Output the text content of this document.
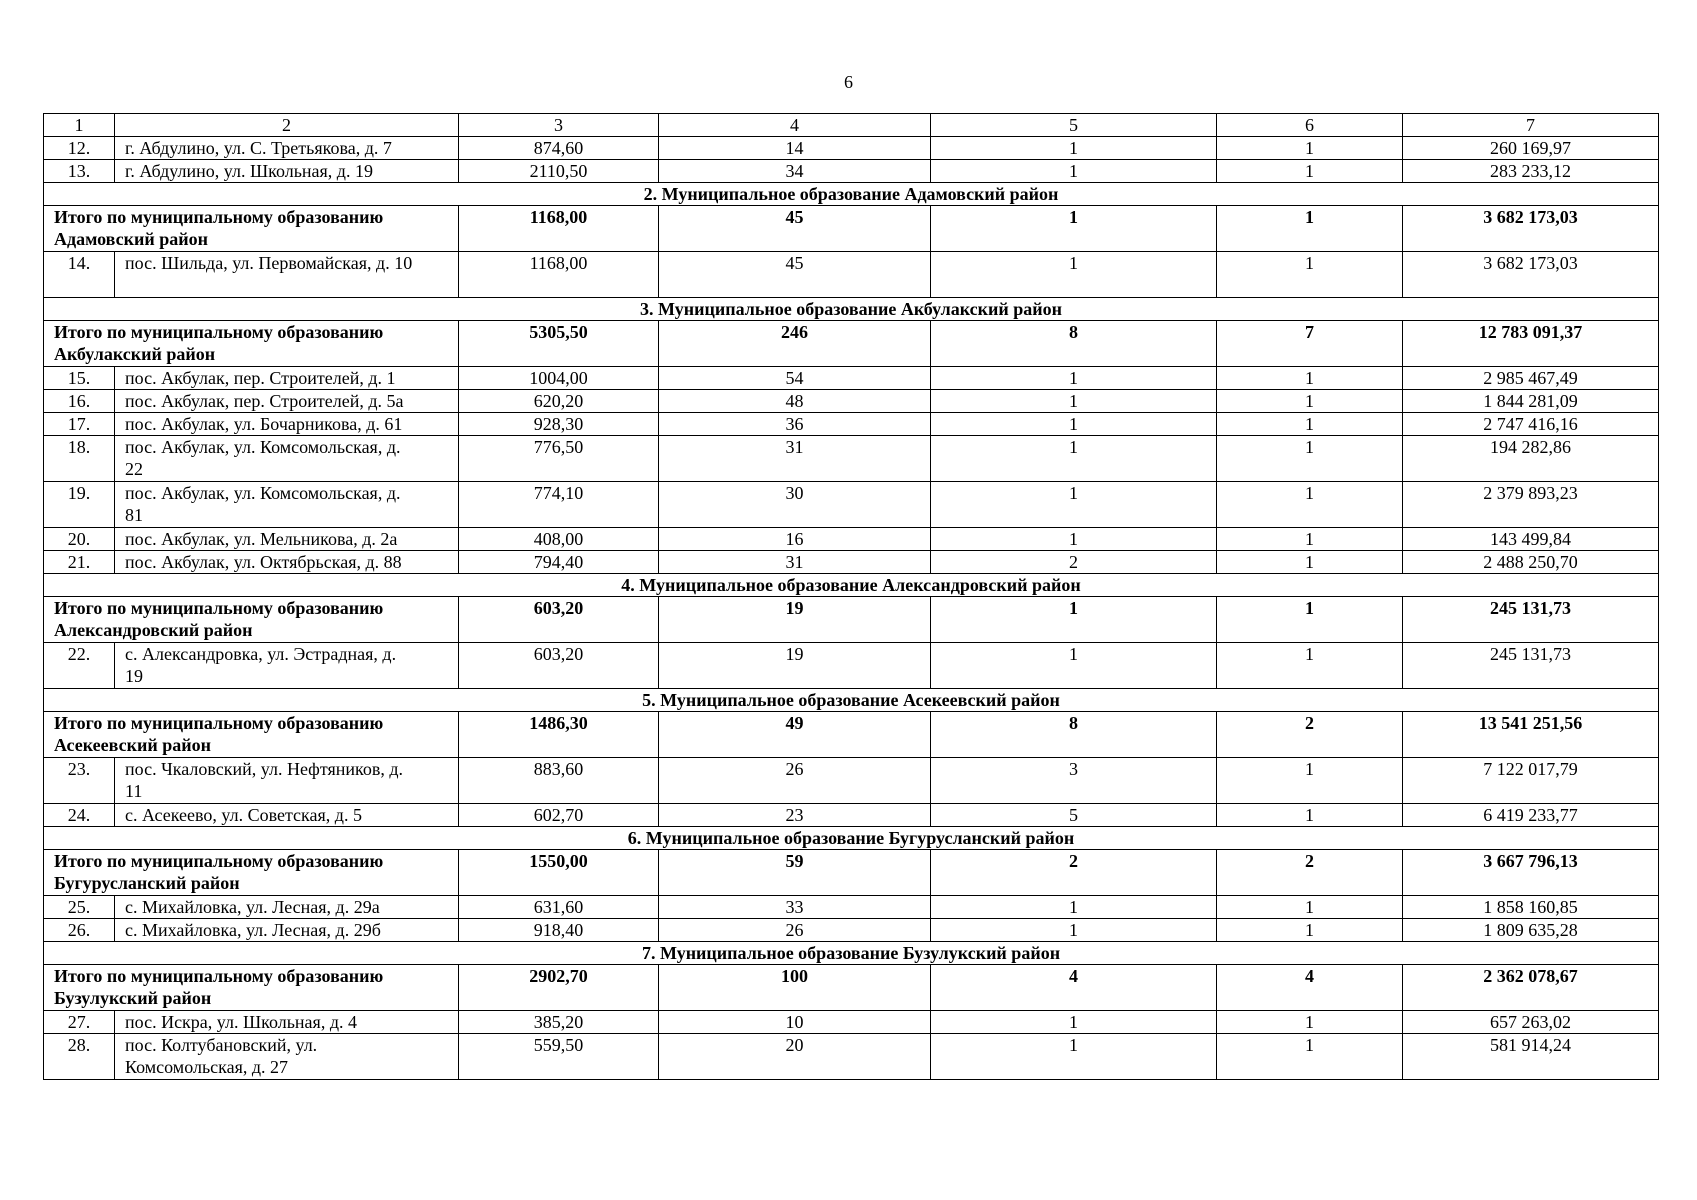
6
1	2	3	4	5	6	7
12.	г. Абдулино, ул. С. Третьякова, д. 7	874,60	14	1	1	260 169,97
13.	г. Абдулино, ул. Школьная, д. 19	2110,50	34	1	1	283 233,12
2. Муниципальное образование Адамовский район						
Итого по муниципальному образованию Адамовский район		1168,00	45	1	1	3 682 173,03
14.	пос. Шильда, ул. Первомайская, д. 10	1168,00	45	1	1	3 682 173,03
3. Муниципальное образование Акбулакский район						
Итого по муниципальному образованию Акбулакский район		5305,50	246	8	7	12 783 091,37
15.	пос. Акбулак, пер. Строителей, д. 1	1004,00	54	1	1	2 985 467,49
16.	пос. Акбулак, пер. Строителей, д. 5а	620,20	48	1	1	1 844 281,09
17.	пос. Акбулак, ул. Бочарникова, д. 61	928,30	36	1	1	2 747 416,16
18.	пос. Акбулак, ул. Комсомольская, д. 22	776,50	31	1	1	194 282,86
19.	пос. Акбулак, ул. Комсомольская, д. 81	774,10	30	1	1	2 379 893,23
20.	пос. Акбулак, ул. Мельникова, д. 2а	408,00	16	1	1	143 499,84
21.	пос. Акбулак, ул. Октябрьская, д. 88	794,40	31	2	1	2 488 250,70
4. Муниципальное образование Александровский район						
Итого по муниципальному образованию Александровский район		603,20	19	1	1	245 131,73
22.	с. Александровка, ул. Эстрадная, д. 19	603,20	19	1	1	245 131,73
5. Муниципальное образование Асекеевский район						
Итого по муниципальному образованию Асекеевский район		1486,30	49	8	2	13 541 251,56
23.	пос. Чкаловский, ул. Нефтяников, д. 11	883,60	26	3	1	7 122 017,79
24.	с. Асекеево, ул. Советская, д. 5	602,70	23	5	1	6 419 233,77
6. Муниципальное образование Бугурусланский район						
Итого по муниципальному образованию Бугурусланский район		1550,00	59	2	2	3 667 796,13
25.	с. Михайловка, ул. Лесная, д. 29а	631,60	33	1	1	1 858 160,85
26.	с. Михайловка, ул. Лесная, д. 29б	918,40	26	1	1	1 809 635,28
7. Муниципальное образование Бузулукский район						
Итого по муниципальному образованию Бузулукский район		2902,70	100	4	4	2 362 078,67
27.	пос. Искра, ул. Школьная, д. 4	385,20	10	1	1	657 263,02
28.	пос. Колтубановский, ул. Комсомольская, д. 27	559,50	20	1	1	581 914,24
